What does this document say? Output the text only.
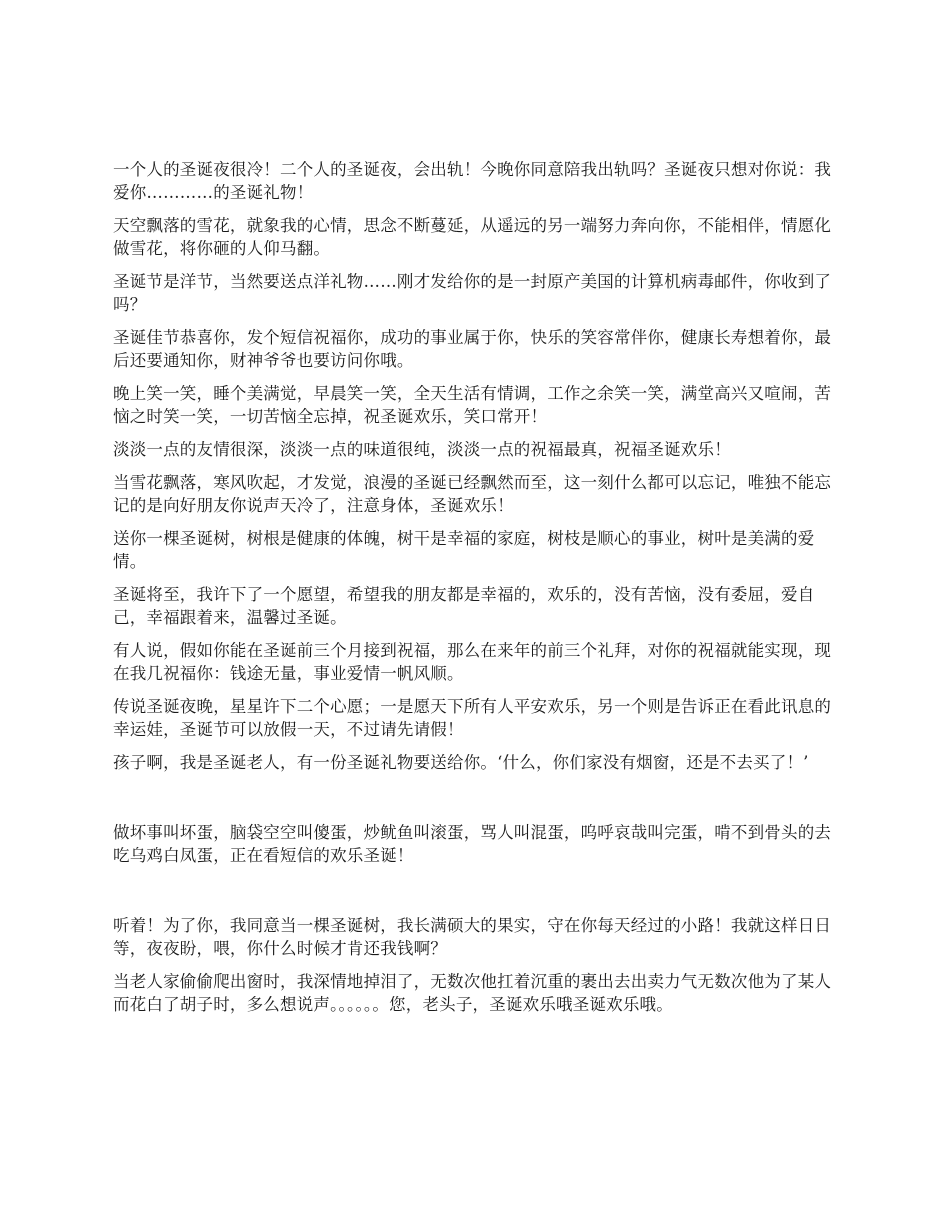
一个人的圣诞夜很冷！二个人的圣诞夜，会出轨！今晚你同意陪我出轨吗？圣诞夜只想对你说：我爱你…………的圣诞礼物！

天空飘落的雪花，就象我的心情，思念不断蔓延，从遥远的另一端努力奔向你，不能相伴，情愿化做雪花，将你砸的人仰马翻。

圣诞节是洋节，当然要送点洋礼物……刚才发给你的是一封原产美国的计算机病毒邮件，你收到了吗？

圣诞佳节恭喜你，发个短信祝福你，成功的事业属于你，快乐的笑容常伴你，健康长寿想着你，最后还要通知你，财神爷爷也要访问你哦。

晚上笑一笑，睡个美满觉，早晨笑一笑，全天生活有情调，工作之余笑一笑，满堂高兴又喧闹，苦恼之时笑一笑，一切苦恼全忘掉，祝圣诞欢乐，笑口常开！

淡淡一点的友情很深，淡淡一点的味道很纯，淡淡一点的祝福最真，祝福圣诞欢乐！

当雪花飘落，寒风吹起，才发觉，浪漫的圣诞已经飘然而至，这一刻什么都可以忘记，唯独不能忘记的是向好朋友你说声天冷了，注意身体，圣诞欢乐！

送你一棵圣诞树，树根是健康的体魄，树干是幸福的家庭，树枝是顺心的事业，树叶是美满的爱情。

圣诞将至，我许下了一个愿望，希望我的朋友都是幸福的，欢乐的，没有苦恼，没有委屈，爱自己，幸福跟着来，温馨过圣诞。

有人说，假如你能在圣诞前三个月接到祝福，那么在来年的前三个礼拜，对你的祝福就能实现，现在我几祝福你：钱途无量，事业爱情一帆风顺。

传说圣诞夜晚，星星许下二个心愿；一是愿天下所有人平安欢乐，另一个则是告诉正在看此讯息的幸运娃，圣诞节可以放假一天，不过请先请假！

孩子啊，我是圣诞老人，有一份圣诞礼物要送给你。‘什么，你们家没有烟窗，还是不去买了！’

做坏事叫坏蛋，脑袋空空叫傻蛋，炒鱿鱼叫滚蛋，骂人叫混蛋，呜呼哀哉叫完蛋，啃不到骨头的去吃乌鸡白凤蛋，正在看短信的欢乐圣诞！

听着！为了你，我同意当一棵圣诞树，我长满硕大的果实，守在你每天经过的小路！我就这样日日等，夜夜盼，喂，你什么时候才肯还我钱啊？

当老人家偷偷爬出窗时，我深情地掉泪了，无数次他扛着沉重的裹出去出卖力气无数次他为了某人而花白了胡子时，多么想说声。。。。。。您，老头子，圣诞欢乐哦圣诞欢乐哦。
